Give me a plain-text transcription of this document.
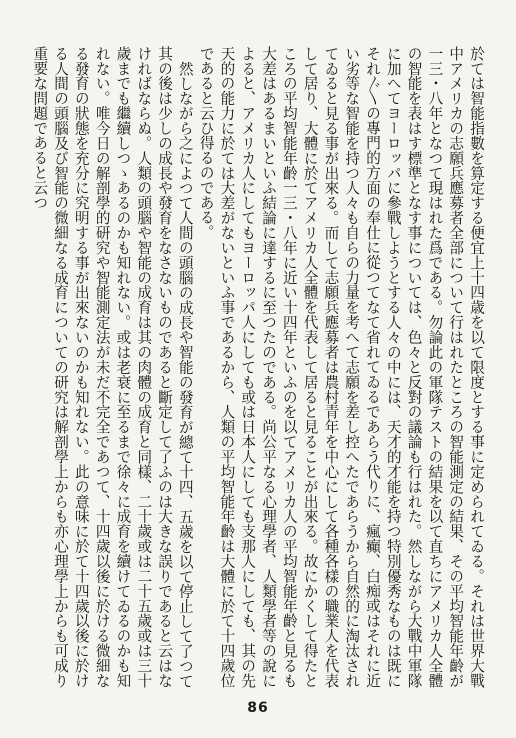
於ては智能指數を算定する便宜上十四歳を以て限度とする事に定められてゐる。それは世界大戰中アメリカの志願兵應募者全部について行はれたところの智能測定の結果、その平均智能年齡が一三・八年となつて現はれた爲である。勿論此の軍隊テストの結果を以て直ちにアメリカ人全體の智能を表はす標準となす事については、色々と反對の議論も行はれた。然しながら大戰中軍隊に加へてヨーロッパに參戰しようとする人々の中には、天才的才能を持つ特別優秀なものは既にそれ〴〵の專門的方面の奉仕に從つてなて省れてゐるであらう代りに、瘋癲、白痴或はそれに近い劣等な智能を持つ人々も自らの力量を考へて志願を差し控へたであらうから自然的に淘汰されてゐると見る事が出來る。而して志願兵應募者は農村青年を中心にして各種各樣の職業人を代表して居り、大體に於てアメリカ人全體を代表して居ると見ることが出來る。故にかくして得たところの平均智能年齡一三・八年に近い十四年といふのを以てアメリカ人の平均智能年齡と見るも大差はあるまいといふ結論に達するに至つたのである。尚公平なる心理學者、人類學者等の說によると、アメリカ人にしてもヨーロッパ人にしても或は日本人にしても支那人にしても、其の先天的の能力に於ては大差がないといふ事であるから、人類の平均智能年齡は大體に於て十四歲位であると云ひ得るのである。

然しながら之によつて人間の頭腦の成長や智能の發育が總て十四、五歲を以て停止して了つて其の後は少しの成長や發育をなさないものであると斷定して了ふのは大きな誤りであると云はなければならぬ。人類の頭腦や智能の成育は其の肉體の成育と同樣、二十歲或は二十五歲或は三十歲までも繼續しつゝあるのかも知れない。或は老衰に至るまで徐々に成育を續けてゐるのかも知れない。唯今日の解剖學的研究や智能測定法が未だ不完全であつて、十四歲以後に於ける微細なる發育の狀態を充分に究明する事が出來ないのかも知れない。此の意味に於て十四歲以後に於ける人間の頭腦及び智能の微細なる成育についての研究は解剖學上からも亦心理學上からも可成り重要な問題であると云つ

86
